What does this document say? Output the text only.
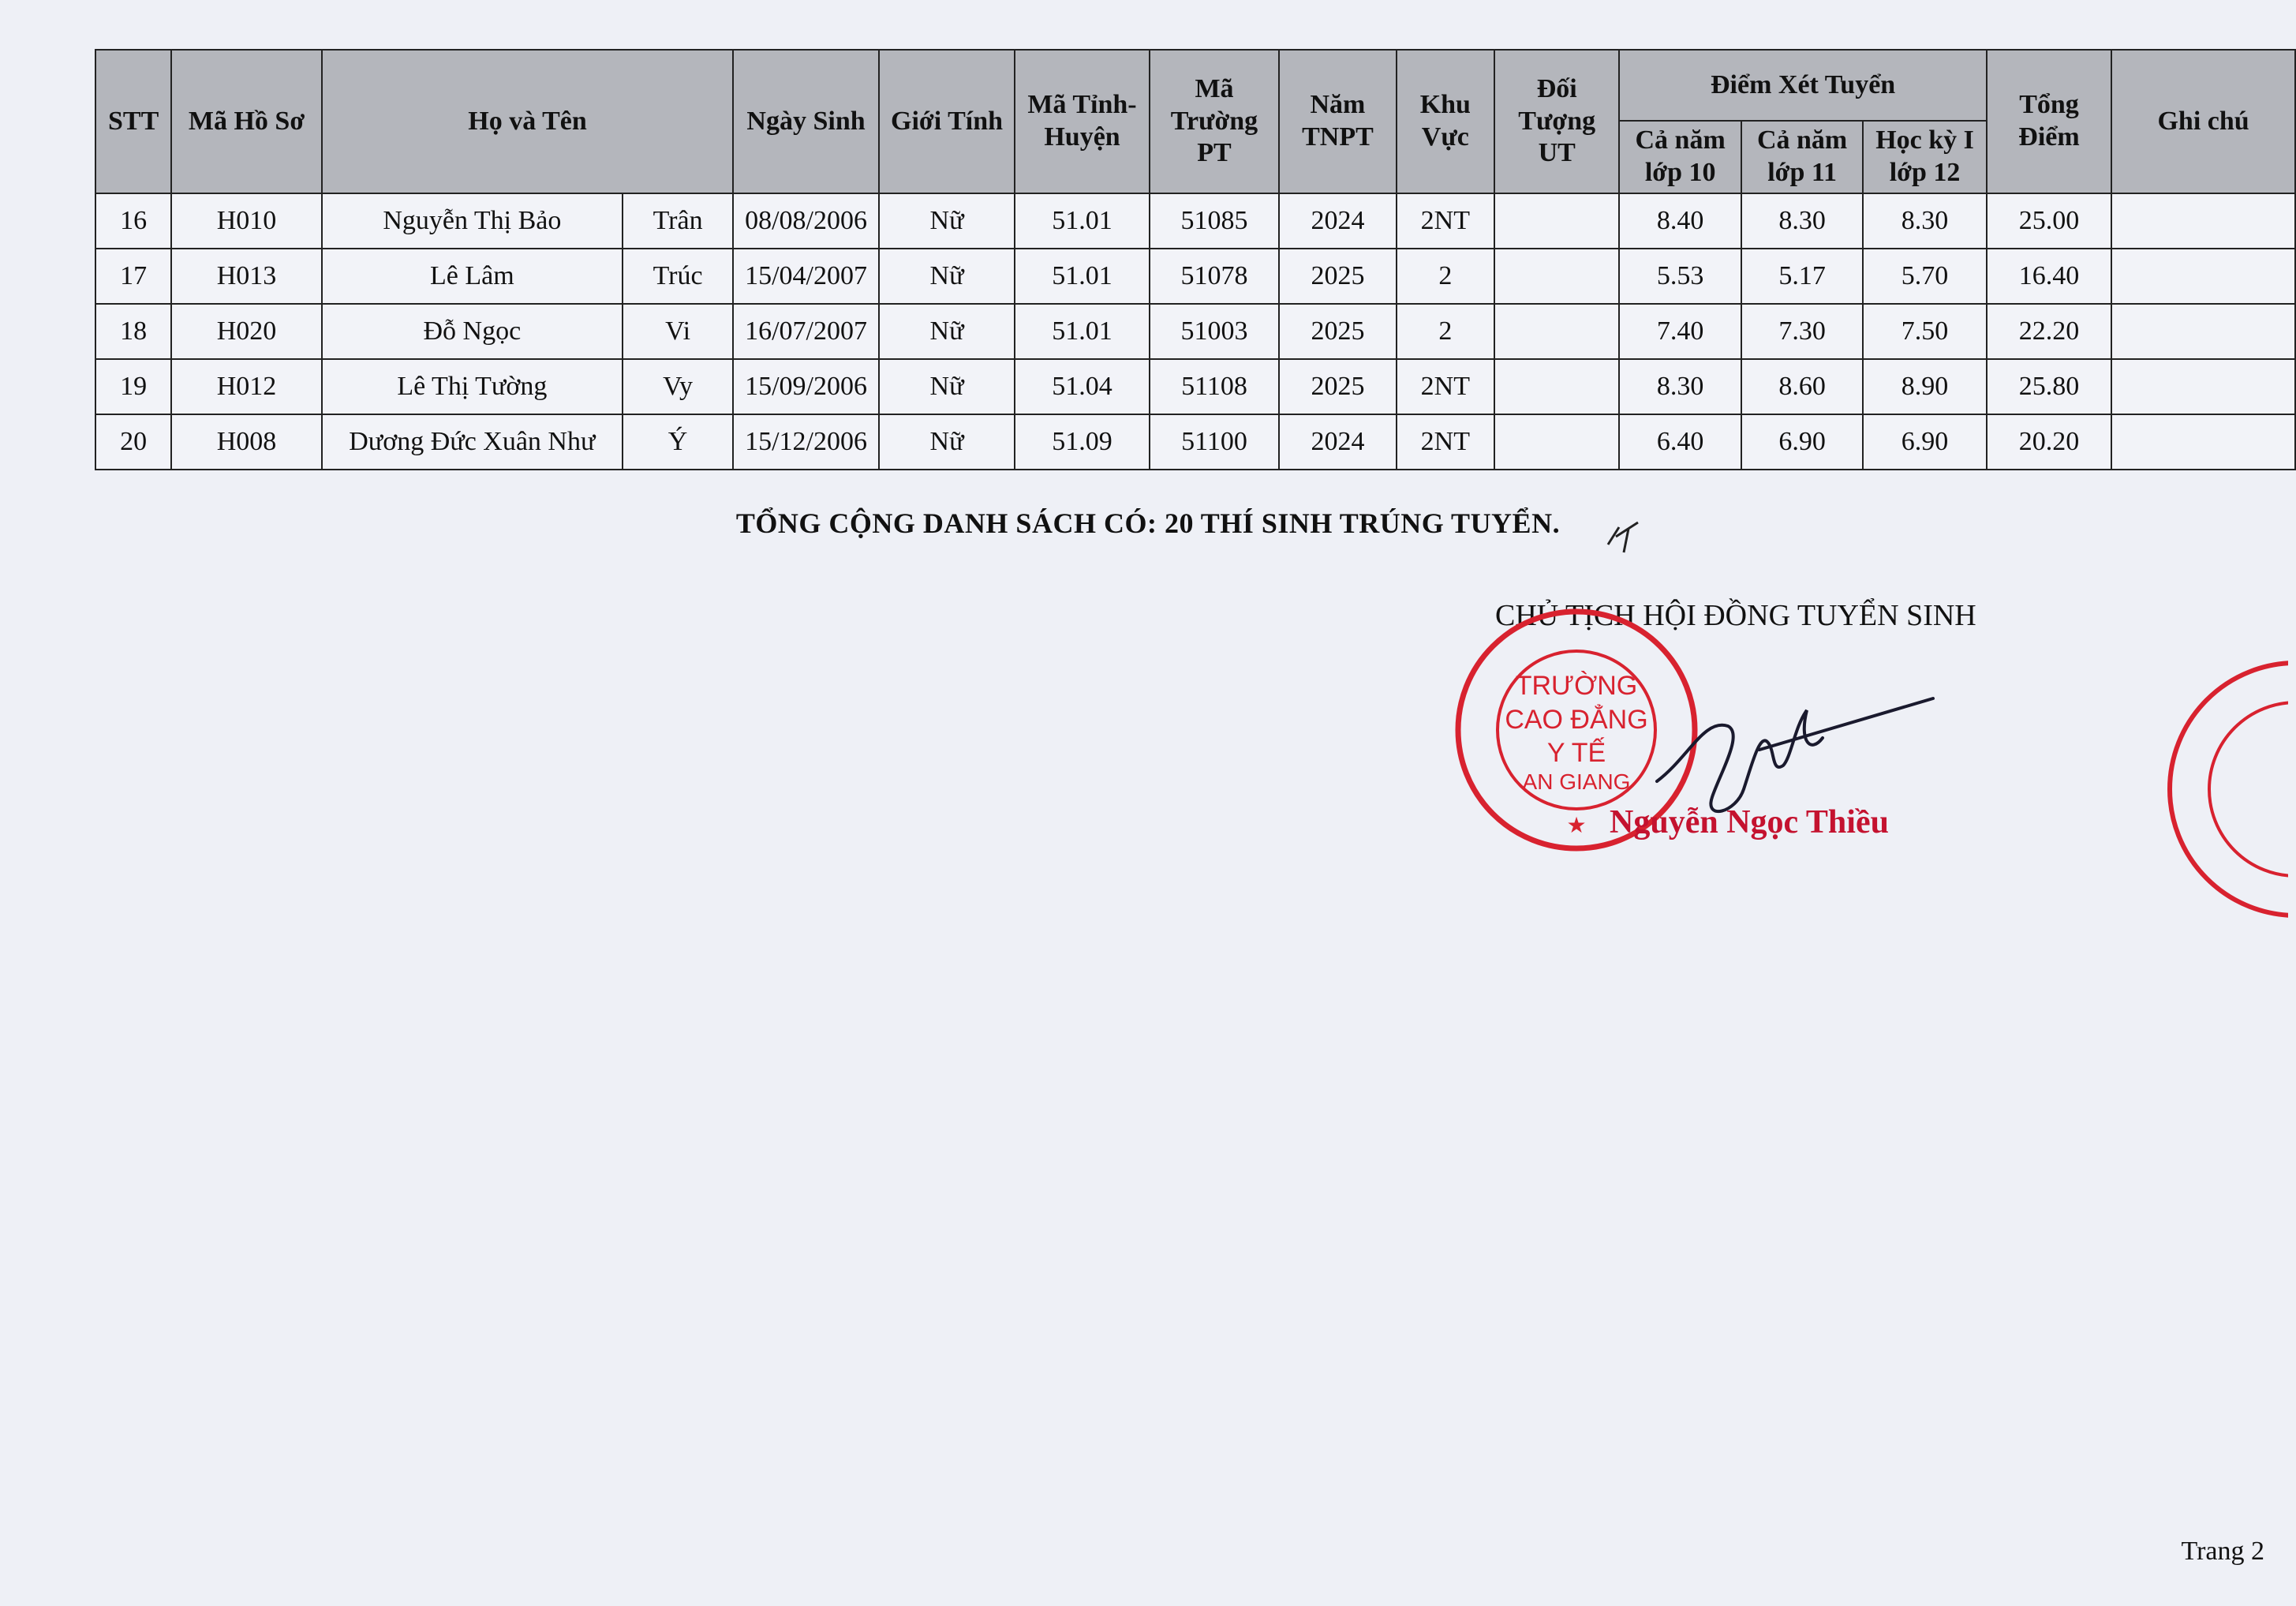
STT	Mã Hồ Sơ	Họ và Tên		Ngày Sinh	Giới Tính	Mã Tỉnh-Huyện	Mã Trường PT	Năm TNPT	Khu Vực	Đối Tượng UT	Điểm Xét Tuyển			Tổng Điểm	Ghi chú
											Cả năm lớp 10	Cả năm lớp 11	Học kỳ I lớp 12		
16	H010	Nguyễn Thị Bảo	Trân	08/08/2006	Nữ	51.01	51085	2024	2NT		8.40	8.30	8.30	25.00	
17	H013	Lê Lâm	Trúc	15/04/2007	Nữ	51.01	51078	2025	2		5.53	5.17	5.70	16.40	
18	H020	Đỗ Ngọc	Vi	16/07/2007	Nữ	51.01	51003	2025	2		7.40	7.30	7.50	22.20	
19	H012	Lê Thị Tường	Vy	15/09/2006	Nữ	51.04	51108	2025	2NT		8.30	8.60	8.90	25.80	
20	H008	Dương Đức Xuân Như	Ý	15/12/2006	Nữ	51.09	51100	2024	2NT		6.40	6.90	6.90	20.20	
TỔNG CỘNG DANH SÁCH CÓ: 20 THÍ SINH TRÚNG TUYỂN.
CHỦ TỊCH HỘI ĐỒNG TUYỂN SINH
TRƯỜNG
CAO ĐẲNG
Y TẾ
AN GIANG
★ Nguyễn Ngọc Thiều
Trang 2
